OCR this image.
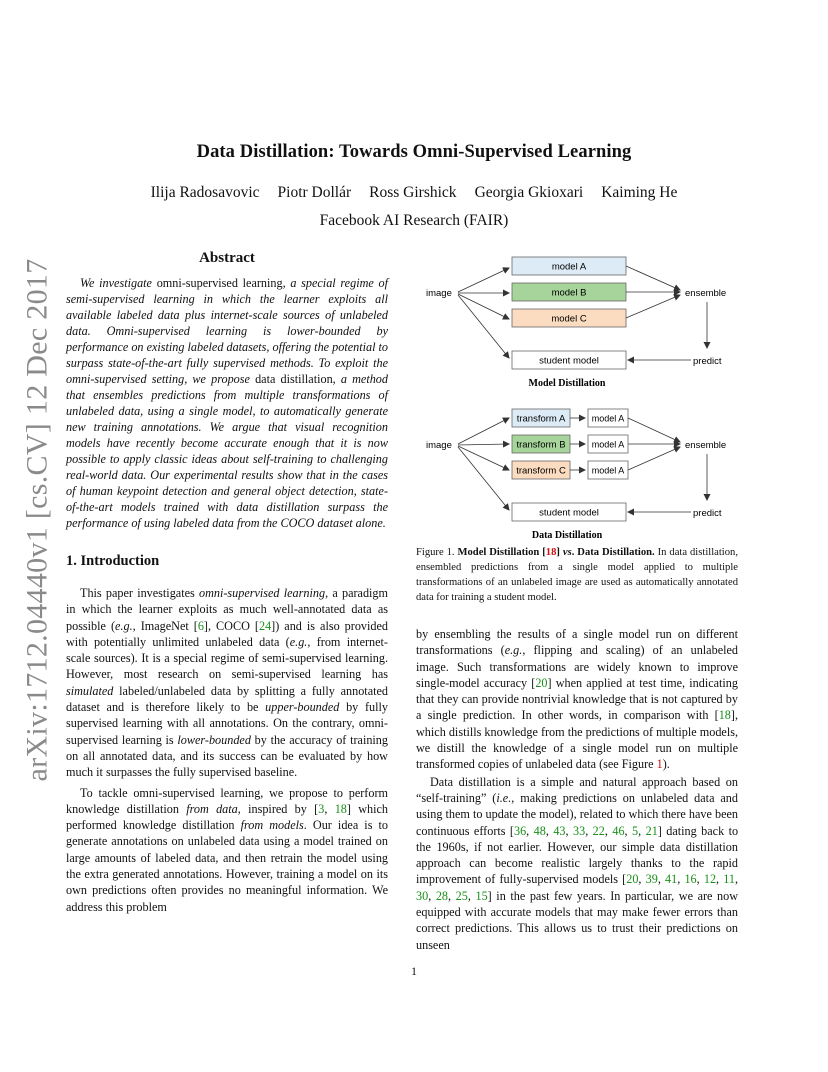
Data Distillation: Towards Omni-Supervised Learning
Ilija Radosavovic Piotr Dollár Ross Girshick Georgia Gkioxari Kaiming He
Facebook AI Research (FAIR)
arXiv:1712.04440v1 [cs.CV] 12 Dec 2017
Abstract

We investigate omni-supervised learning, a special regime of semi-supervised learning in which the learner exploits all available labeled data plus internet-scale sources of unlabeled data. Omni-supervised learning is lower-bounded by performance on existing labeled datasets, offering the potential to surpass state-of-the-art fully supervised methods. To exploit the omni-supervised setting, we propose data distillation, a method that ensembles predictions from multiple transformations of unlabeled data, using a single model, to automatically generate new training annotations. We argue that visual recognition models have recently become accurate enough that it is now possible to apply classic ideas about self-training to challenging real-world data. Our experimental results show that in the cases of human keypoint detection and general object detection, state-of-the-art models trained with data distillation surpass the performance of using labeled data from the COCO dataset alone.

1. Introduction

This paper investigates omni-supervised learning, a paradigm in which the learner exploits as much well-annotated data as possible (e.g., ImageNet [6], COCO [24]) and is also provided with potentially unlimited unlabeled data (e.g., from internet-scale sources). It is a special regime of semi-supervised learning. However, most research on semi-supervised learning has simulated labeled/unlabeled data by splitting a fully annotated dataset and is therefore likely to be upper-bounded by fully supervised learning with all annotations. On the contrary, omni-supervised learning is lower-bounded by the accuracy of training on all annotated data, and its success can be evaluated by how much it surpasses the fully supervised baseline.

To tackle omni-supervised learning, we propose to perform knowledge distillation from data, inspired by [3, 18] which performed knowledge distillation from models. Our idea is to generate annotations on unlabeled data using a model trained on large amounts of labeled data, and then retrain the model using the extra generated annotations. However, training a model on its own predictions often provides no meaningful information. We address this problem

image
model A
model B
model C
ensemble
student model	predict
Model Distillation
image
transform A
transform B
transform C
model A
model A
model A
ensemble
student model	predict
Data Distillation
Figure 1. Model Distillation [18] vs. Data Distillation. In data distillation, ensembled predictions from a single model applied to multiple transformations of an unlabeled image are used as automatically annotated data for training a student model.

by ensembling the results of a single model run on different transformations (e.g., flipping and scaling) of an unlabeled image. Such transformations are widely known to improve single-model accuracy [20] when applied at test time, indicating that they can provide nontrivial knowledge that is not captured by a single prediction. In other words, in comparison with [18], which distills knowledge from the predictions of multiple models, we distill the knowledge of a single model run on multiple transformed copies of unlabeled data (see Figure 1).

Data distillation is a simple and natural approach based on “self-training” (i.e., making predictions on unlabeled data and using them to update the model), related to which there have been continuous efforts [36, 48, 43, 33, 22, 46, 5, 21] dating back to the 1960s, if not earlier. However, our simple data distillation approach can become realistic largely thanks to the rapid improvement of fully-supervised models [20, 39, 41, 16, 12, 11, 30, 28, 25, 15] in the past few years. In particular, we are now equipped with accurate models that may make fewer errors than correct predictions. This allows us to trust their predictions on unseen

1
